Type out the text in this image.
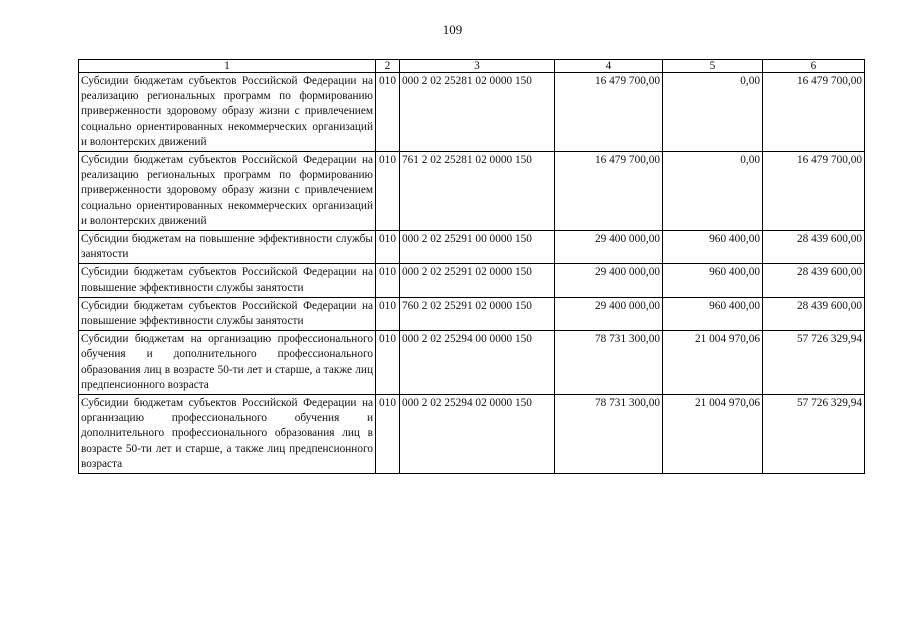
109
1	2	3	4	5	6
Субсидии бюджетам субъектов Российской Федерации на реализацию региональных программ по формированию приверженности здоровому образу жизни с привлечением социально ориентированных некоммерческих организаций и волонтерских движений	010	000 2 02 25281 02 0000 150	16 479 700,00	0,00	16 479 700,00
Субсидии бюджетам субъектов Российской Федерации на реализацию региональных программ по формированию приверженности здоровому образу жизни с привлечением социально ориентированных некоммерческих организаций и волонтерских движений	010	761 2 02 25281 02 0000 150	16 479 700,00	0,00	16 479 700,00
Субсидии бюджетам на повышение эффективности службы занятости	010	000 2 02 25291 00 0000 150	29 400 000,00	960 400,00	28 439 600,00
Субсидии бюджетам субъектов Российской Федерации на повышение эффективности службы занятости	010	000 2 02 25291 02 0000 150	29 400 000,00	960 400,00	28 439 600,00
Субсидии бюджетам субъектов Российской Федерации на повышение эффективности службы занятости	010	760 2 02 25291 02 0000 150	29 400 000,00	960 400,00	28 439 600,00
Субсидии бюджетам на организацию профессионального обучения и дополнительного профессионального образования лиц в возрасте 50-ти лет и старше, а также лиц предпенсионного возраста	010	000 2 02 25294 00 0000 150	78 731 300,00	21 004 970,06	57 726 329,94
Субсидии бюджетам субъектов Российской Федерации на организацию профессионального обучения и дополнительного профессионального образования лиц в возрасте 50-ти лет и старше, а также лиц предпенсионного возраста	010	000 2 02 25294 02 0000 150	78 731 300,00	21 004 970,06	57 726 329,94
